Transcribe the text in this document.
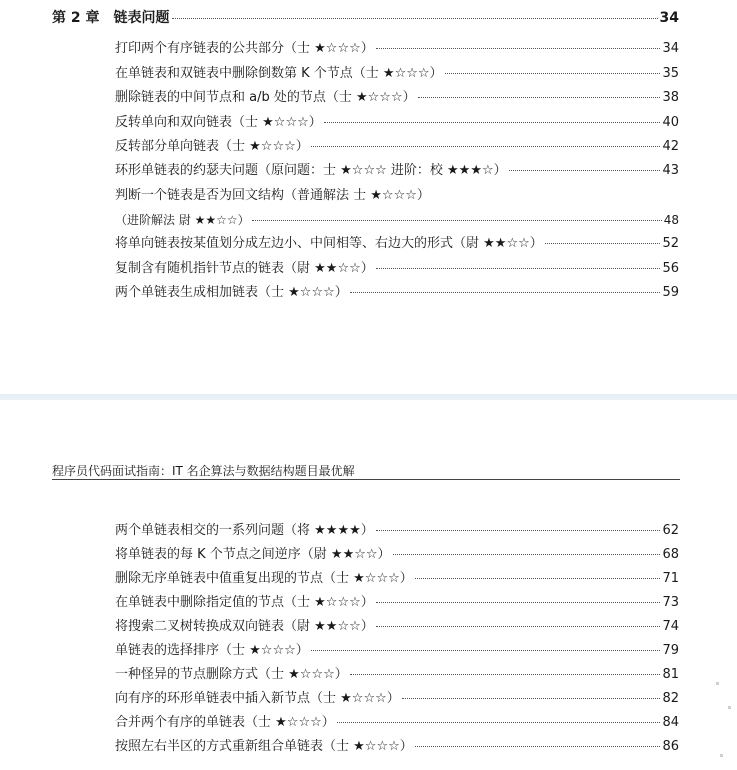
第 2 章 链表问题	34
打印两个有序链表的公共部分（士 ★☆☆☆）	34
在单链表和双链表中删除倒数第 K 个节点（士 ★☆☆☆）	35
删除链表的中间节点和 a/b 处的节点（士 ★☆☆☆）	38
反转单向和双向链表（士 ★☆☆☆）	40
反转部分单向链表（士 ★☆☆☆）	42
环形单链表的约瑟夫问题（原问题：士 ★☆☆☆ 进阶：校 ★★★☆）	43
判断一个链表是否为回文结构（普通解法 士 ★☆☆☆）
（进阶解法 尉 ★★☆☆）	48
将单向链表按某值划分成左边小、中间相等、右边大的形式（尉 ★★☆☆）	52
复制含有随机指针节点的链表（尉 ★★☆☆）	56
两个单链表生成相加链表（士 ★☆☆☆）	59
程序员代码面试指南：IT 名企算法与数据结构题目最优解
两个单链表相交的一系列问题（将 ★★★★）	62
将单链表的每 K 个节点之间逆序（尉 ★★☆☆）	68
删除无序单链表中值重复出现的节点（士 ★☆☆☆）	71
在单链表中删除指定值的节点（士 ★☆☆☆）	73
将搜索二叉树转换成双向链表（尉 ★★☆☆）	74
单链表的选择排序（士 ★☆☆☆）	79
一种怪异的节点删除方式（士 ★☆☆☆）	81
向有序的环形单链表中插入新节点（士 ★☆☆☆）	82
合并两个有序的单链表（士 ★☆☆☆）	84
按照左右半区的方式重新组合单链表（士 ★☆☆☆）	86
